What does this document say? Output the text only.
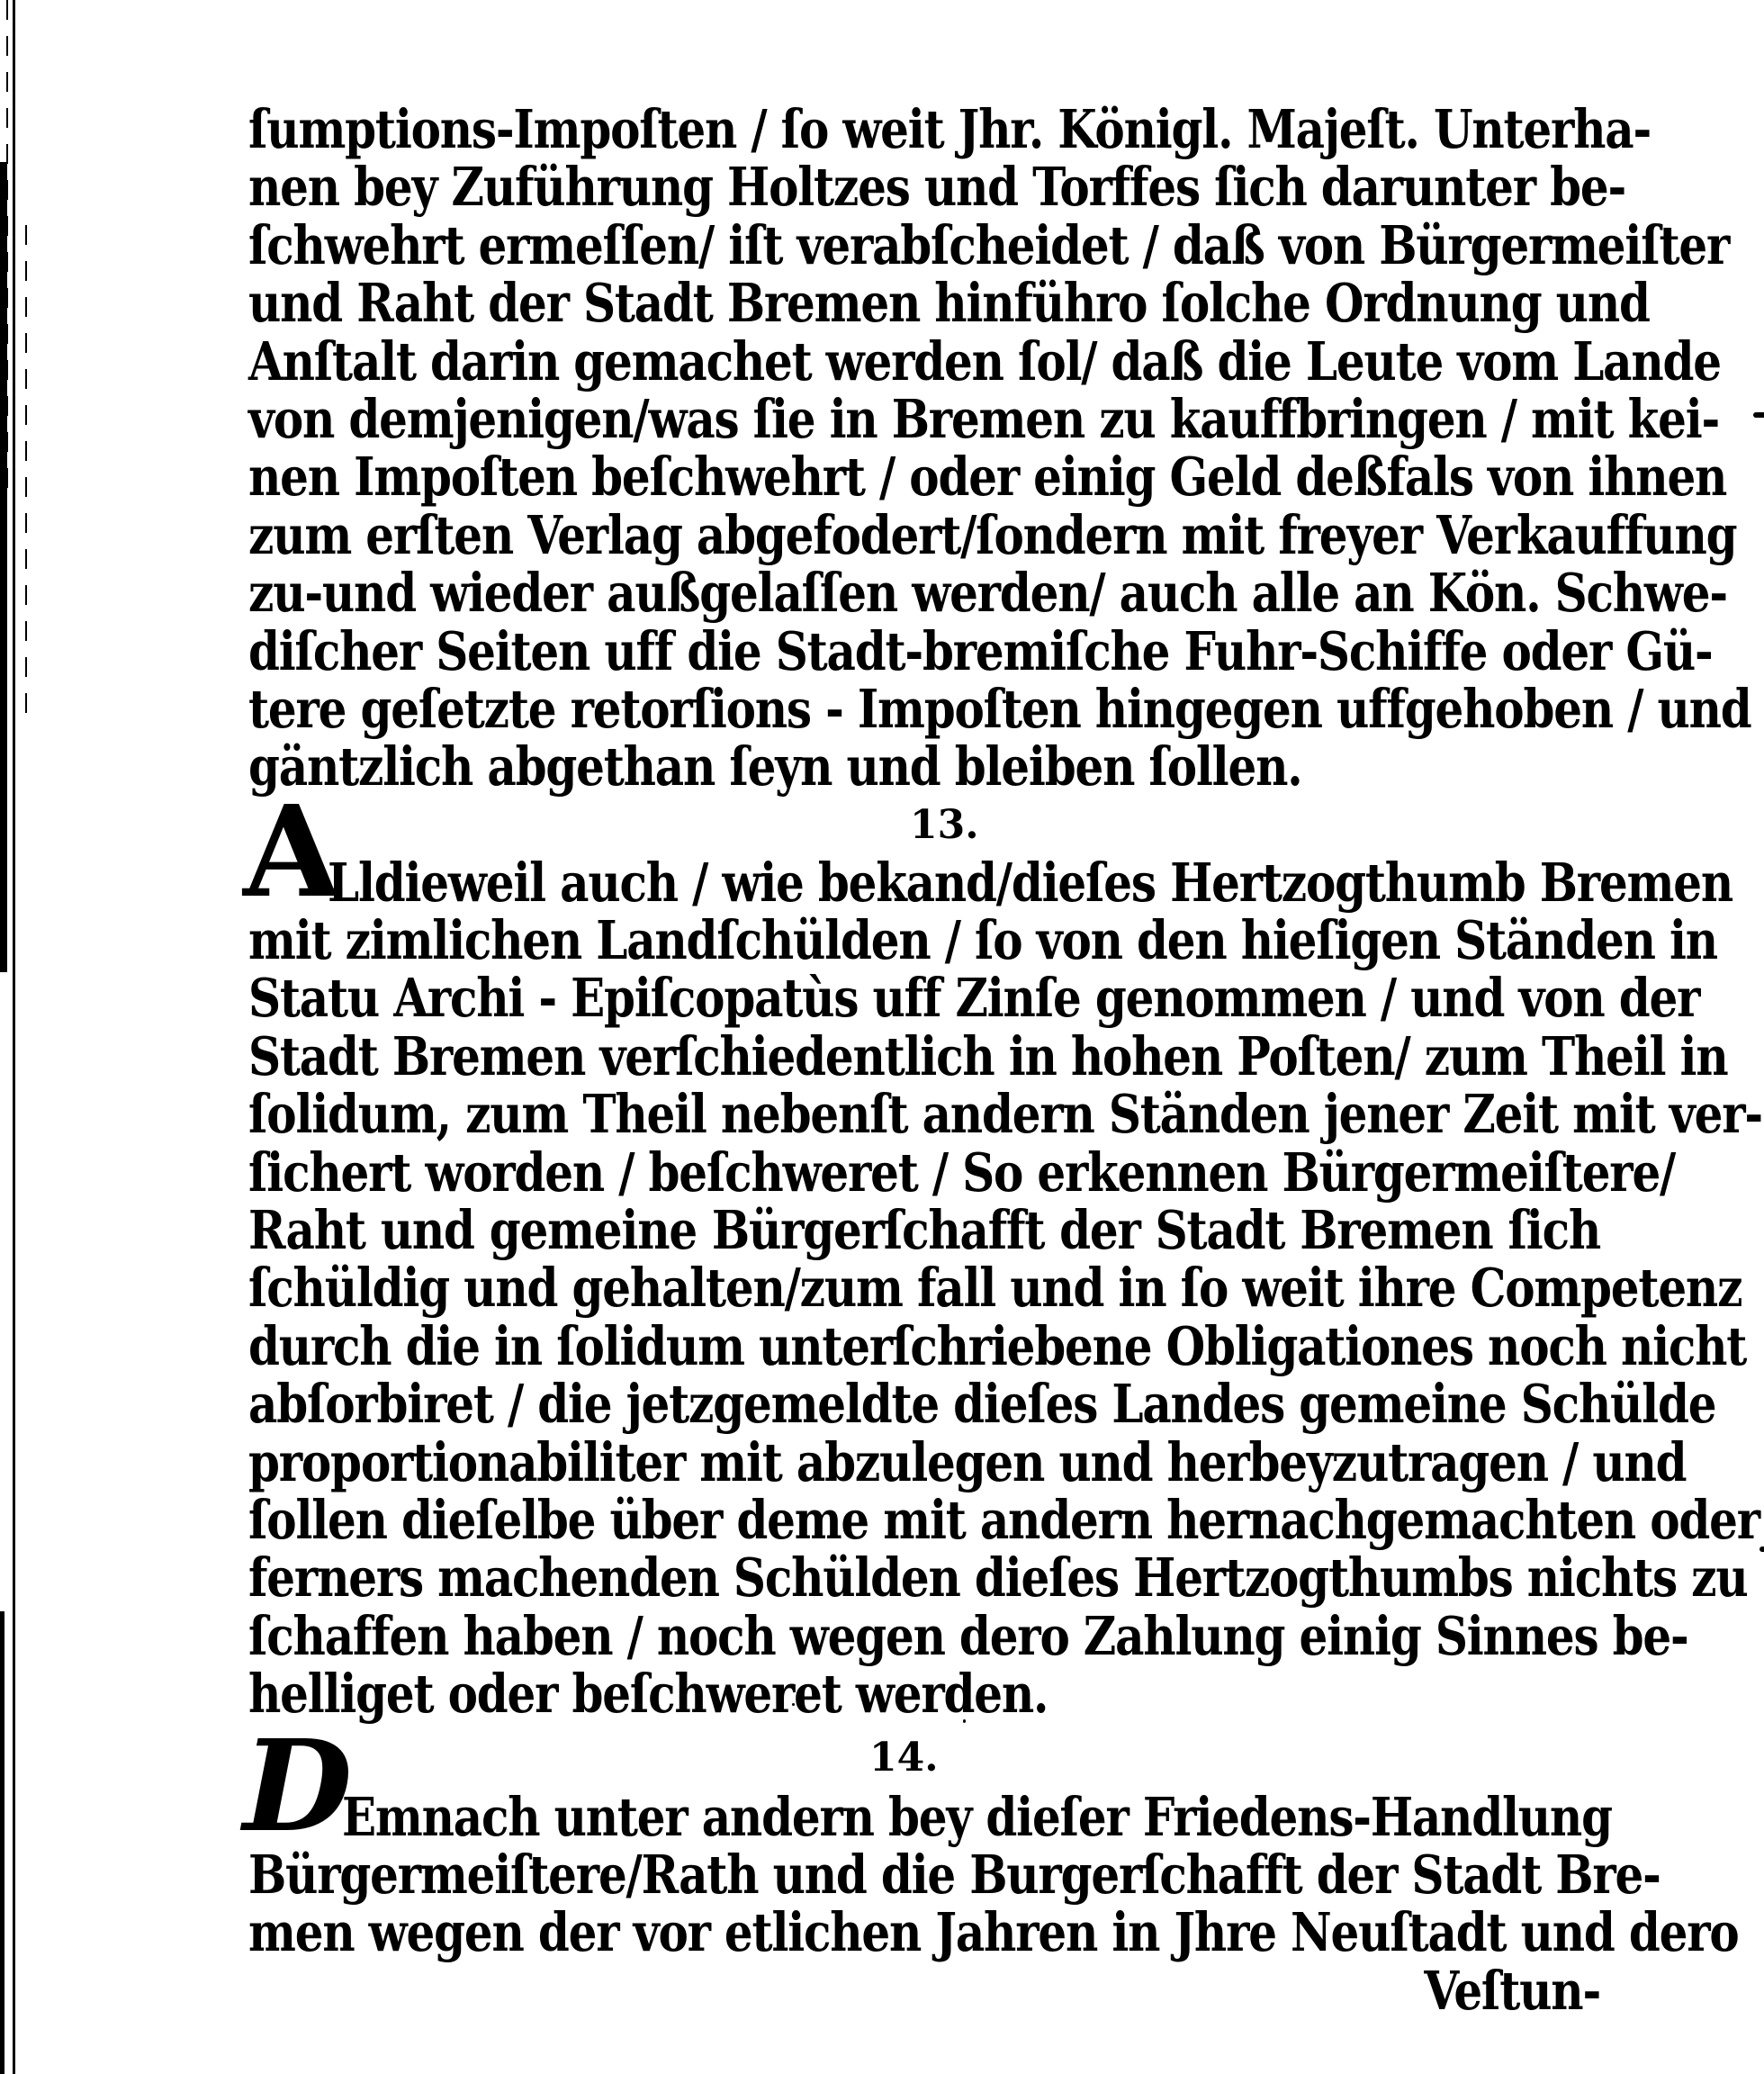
ſumptions-Impoſten / ſo weit Jhr. Königl. Majeſt. Unterha-
nen bey Zuführung Holtzes und Torffes ſich darunter be-
ſchwehrt ermeſſen/ iſt verabſcheidet / daß von Bürgermeiſter
und Raht der Stadt Bremen hinführo ſolche Ordnung und
Anſtalt darin gemachet werden ſol/ daß die Leute vom Lande
von demjenigen/was ſie in Bremen zu kauffbringen / mit kei-
nen Impoſten beſchwehrt / oder einig Geld deßfals von ihnen
zum erſten Verlag abgefodert/ſondern mit freyer Verkauffung
zu-und wieder außgelaſſen werden/ auch alle an Kön. Schwe-
diſcher Seiten uff die Stadt-bremiſche Fuhr-Schiffe oder Gü-
tere geſetzte retorſions - Impoſten hingegen uffgehoben / und
gäntzlich abgethan ſeyn und bleiben ſollen.
13.
A
Lldieweil auch / wie bekand/dieſes Hertzogthumb Bremen
mit zimlichen Landſchülden / ſo von den hieſigen Ständen in
Statu Archi - Epiſcopatùs uff Zinſe genommen / und von der
Stadt Bremen verſchiedentlich in hohen Poſten/ zum Theil in
ſolidum, zum Theil nebenſt andern Ständen jener Zeit mit ver-
ſichert worden / beſchweret / So erkennen Bürgermeiſtere/
Raht und gemeine Bürgerſchafft der Stadt Bremen ſich
ſchüldig und gehalten/zum fall und in ſo weit ihre Competenz
durch die in ſolidum unterſchriebene Obligationes noch nicht
abſorbiret / die jetzgemeldte dieſes Landes gemeine Schülde
proportionabiliter mit abzulegen und herbeyzutragen / und
ſollen dieſelbe über deme mit andern hernachgemachten oder
ferners machenden Schülden dieſes Hertzogthumbs nichts zu
ſchaffen haben / noch wegen dero Zahlung einig Sinnes be-
helliget oder beſchweret werden.
14.
D
Emnach unter andern bey dieſer Friedens-Handlung
Bürgermeiſtere/Rath und die Burgerſchafft der Stadt Bre-
men wegen der vor etlichen Jahren in Jhre Neuſtadt und dero
Veſtun-
